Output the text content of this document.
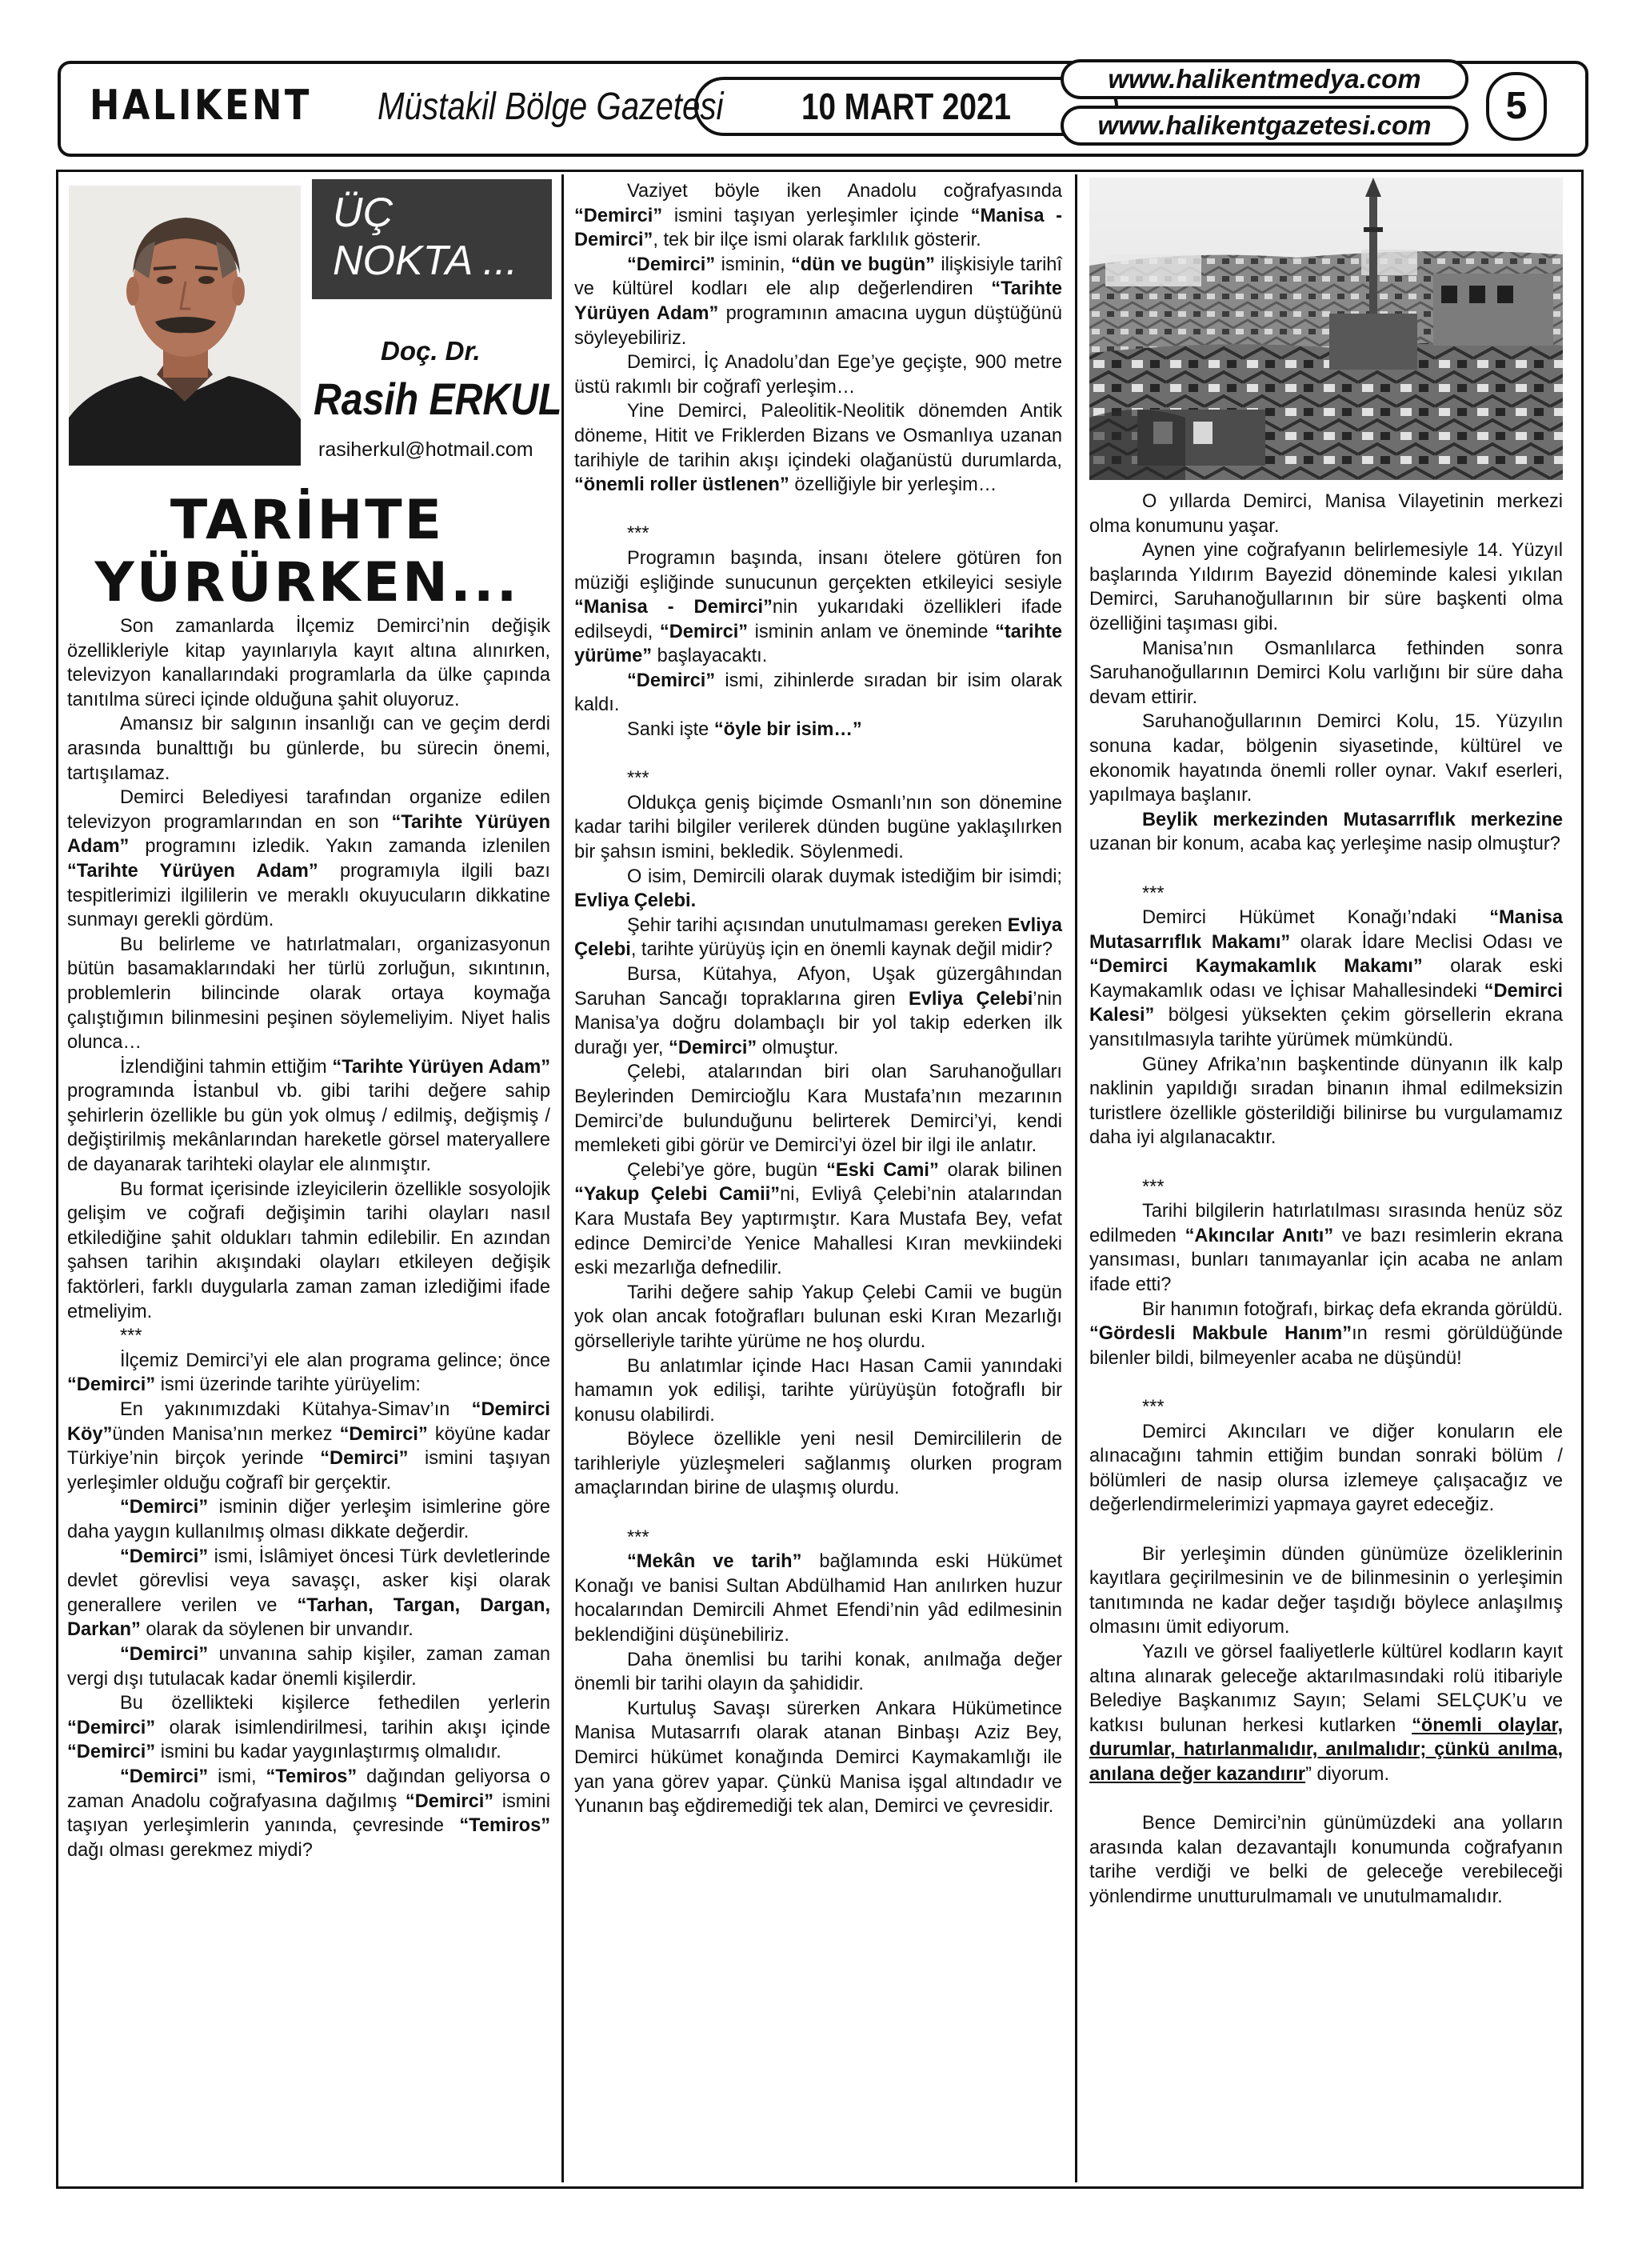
HALIKENT Müstakil Bölge Gazetesi	10 MART 2021
www.halikentmedya.com
www.halikentgazetesi.com	5
ÜÇ
NOKTA ...
Doç. Dr.
Rasih ERKUL
rasiherkul@hotmail.com
TARİHTE
YÜRÜRKEN...

Son zamanlarda İlçemiz Demirci’nin değişik özellikleriyle kitap yayınlarıyla kayıt altına alınırken, televizyon kanallarındaki programlarla da ülke çapında tanıtılma süreci içinde olduğuna şahit oluyoruz.

Amansız bir salgının insanlığı can ve geçim derdi arasında bunalttığı bu günlerde, bu sürecin önemi, tartışılamaz.

Demirci Belediyesi tarafından organize edilen televizyon programlarından en son “Tarihte Yürüyen Adam” programını izledik. Yakın zamanda izlenilen “Tarihte Yürüyen Adam” programıyla ilgili bazı tespitlerimizi ilgililerin ve meraklı okuyucuların dikkatine sunmayı gerekli gördüm.

Bu belirleme ve hatırlatmaları, organizasyonun bütün basamaklarındaki her türlü zorluğun, sıkıntının, problemlerin bilincinde olarak ortaya koymağa çalıştığımın bilinmesini peşinen söylemeliyim. Niyet halis olunca…

İzlendiğini tahmin ettiğim “Tarihte Yürüyen Adam” programında İstanbul vb. gibi tarihi değere sahip şehirlerin özellikle bu gün yok olmuş / edilmiş, değişmiş / değiştirilmiş mekânlarından hareketle görsel materyallere de dayanarak tarihteki olaylar ele alınmıştır.

Bu format içerisinde izleyicilerin özellikle sosyolojik gelişim ve coğrafi değişimin tarihi olayları nasıl etkilediğine şahit oldukları tahmin edilebilir. En azından şahsen tarihin akışındaki olayları etkileyen değişik faktörleri, farklı duygularla zaman zaman izlediğimi ifade etmeliyim.

***

İlçemiz Demirci’yi ele alan programa gelince; önce “Demirci” ismi üzerinde tarihte yürüyelim:

En yakınımızdaki Kütahya-Simav’ın “Demirci Köy”ünden Manisa’nın merkez “Demirci” köyüne kadar Türkiye’nin birçok yerinde “Demirci” ismini taşıyan yerleşimler olduğu coğrafî bir gerçektir.

“Demirci” isminin diğer yerleşim isimlerine göre daha yaygın kullanılmış olması dikkate değerdir.

“Demirci” ismi, İslâmiyet öncesi Türk devletlerinde devlet görevlisi veya savaşçı, asker kişi olarak generallere verilen ve “Tarhan, Targan, Dargan, Darkan” olarak da söylenen bir unvandır.

“Demirci” unvanına sahip kişiler, zaman zaman vergi dışı tutulacak kadar önemli kişilerdir.

Bu özellikteki kişilerce fethedilen yerlerin “Demirci” olarak isimlendirilmesi, tarihin akışı içinde “Demirci” ismini bu kadar yaygınlaştırmış olmalıdır.

“Demirci” ismi, “Temiros” dağından geliyorsa o zaman Anadolu coğrafyasına dağılmış “Demirci” ismini taşıyan yerleşimlerin yanında, çevresinde “Temiros” dağı olması gerekmez miydi?

Vaziyet böyle iken Anadolu coğrafyasında “Demirci” ismini taşıyan yerleşimler içinde “Manisa - Demirci”, tek bir ilçe ismi olarak farklılık gösterir.

“Demirci” isminin, “dün ve bugün” ilişkisiyle tarihî ve kültürel kodları ele alıp değerlendiren “Tarihte Yürüyen Adam” programının amacına uygun düştüğünü söyleyebiliriz.

Demirci, İç Anadolu’dan Ege’ye geçişte, 900 metre üstü rakımlı bir coğrafî yerleşim…

Yine Demirci, Paleolitik-Neolitik dönemden Antik döneme, Hitit ve Friklerden Bizans ve Osmanlıya uzanan tarihiyle de tarihin akışı içindeki olağanüstü durumlarda, “önemli roller üstlenen” özelliğiyle bir yerleşim…

***

Programın başında, insanı ötelere götüren fon müziği eşliğinde sunucunun gerçekten etkileyici sesiyle “Manisa - Demirci”nin yukarıdaki özellikleri ifade edilseydi, “Demirci” isminin anlam ve öneminde “tarihte yürüme” başlayacaktı.

“Demirci” ismi, zihinlerde sıradan bir isim olarak kaldı.

Sanki işte “öyle bir isim…”

***

Oldukça geniş biçimde Osmanlı’nın son dönemine kadar tarihi bilgiler verilerek dünden bugüne yaklaşılırken bir şahsın ismini, bekledik. Söylenmedi.

O isim, Demircili olarak duymak istediğim bir isimdi; Evliya Çelebi.

Şehir tarihi açısından unutulmaması gereken Evliya Çelebi, tarihte yürüyüş için en önemli kaynak değil midir?

Bursa, Kütahya, Afyon, Uşak güzergâhından Saruhan Sancağı topraklarına giren Evliya Çelebi’nin Manisa’ya doğru dolambaçlı bir yol takip ederken ilk durağı yer, “Demirci” olmuştur.

Çelebi, atalarından biri olan Saruhanoğulları Beylerinden Demircioğlu Kara Mustafa’nın mezarının Demirci’de bulunduğunu belirterek Demirci’yi, kendi memleketi gibi görür ve Demirci’yi özel bir ilgi ile anlatır.

Çelebi’ye göre, bugün “Eski Cami” olarak bilinen “Yakup Çelebi Camii”ni, Evliyâ Çelebi’nin atalarından Kara Mustafa Bey yaptırmıştır. Kara Mustafa Bey, vefat edince Demirci’de Yenice Mahallesi Kıran mevkiindeki eski mezarlığa defnedilir.

Tarihi değere sahip Yakup Çelebi Camii ve bugün yok olan ancak fotoğrafları bulunan eski Kıran Mezarlığı görselleriyle tarihte yürüme ne hoş olurdu.

Bu anlatımlar içinde Hacı Hasan Camii yanındaki hamamın yok edilişi, tarihte yürüyüşün fotoğraflı bir konusu olabilirdi.

Böylece özellikle yeni nesil Demircililerin de tarihleriyle yüzleşmeleri sağlanmış olurken program amaçlarından birine de ulaşmış olurdu.

***

“Mekân ve tarih” bağlamında eski Hükümet Konağı ve banisi Sultan Abdülhamid Han anılırken huzur hocalarından Demircili Ahmet Efendi’nin yâd edilmesinin beklendiğini düşünebiliriz.

Daha önemlisi bu tarihi konak, anılmağa değer önemli bir tarihi olayın da şahididir.

Kurtuluş Savaşı sürerken Ankara Hükümetince Manisa Mutasarrıfı olarak atanan Binbaşı Aziz Bey, Demirci hükümet konağında Demirci Kaymakamlığı ile yan yana görev yapar. Çünkü Manisa işgal altındadır ve Yunanın baş eğdiremediği tek alan, Demirci ve çevresidir.

O yıllarda Demirci, Manisa Vilayetinin merkezi olma konumunu yaşar.

Aynen yine coğrafyanın belirlemesiyle 14. Yüzyıl başlarında Yıldırım Bayezid döneminde kalesi yıkılan Demirci, Saruhanoğullarının bir süre başkenti olma özelliğini taşıması gibi.

Manisa’nın Osmanlılarca fethinden sonra Saruhanoğullarının Demirci Kolu varlığını bir süre daha devam ettirir.

Saruhanoğullarının Demirci Kolu, 15. Yüzyılın sonuna kadar, bölgenin siyasetinde, kültürel ve ekonomik hayatında önemli roller oynar. Vakıf eserleri, yapılmaya başlanır.

Beylik merkezinden Mutasarrıflık merkezine uzanan bir konum, acaba kaç yerleşime nasip olmuştur?

***

Demirci Hükümet Konağı’ndaki “Manisa Mutasarrıflık Makamı” olarak İdare Meclisi Odası ve “Demirci Kaymakamlık Makamı” olarak eski Kaymakamlık odası ve İçhisar Mahallesindeki “Demirci Kalesi” bölgesi yüksekten çekim görsellerin ekrana yansıtılmasıyla tarihte yürümek mümkündü.

Güney Afrika’nın başkentinde dünyanın ilk kalp naklinin yapıldığı sıradan binanın ihmal edilmeksizin turistlere özellikle gösterildiği bilinirse bu vurgulamamız daha iyi algılanacaktır.

***

Tarihi bilgilerin hatırlatılması sırasında henüz söz edilmeden “Akıncılar Anıtı” ve bazı resimlerin ekrana yansıması, bunları tanımayanlar için acaba ne anlam ifade etti?

Bir hanımın fotoğrafı, birkaç defa ekranda görüldü. “Gördesli Makbule Hanım”ın resmi görüldüğünde bilenler bildi, bilmeyenler acaba ne düşündü!

***

Demirci Akıncıları ve diğer konuların ele alınacağını tahmin ettiğim bundan sonraki bölüm / bölümleri de nasip olursa izlemeye çalışacağız ve değerlendirmelerimizi yapmaya gayret edeceğiz.

Bir yerleşimin dünden günümüze özeliklerinin kayıtlara geçirilmesinin ve de bilinmesinin o yerleşimin tanıtımında ne kadar değer taşıdığı böylece anlaşılmış olmasını ümit ediyorum.

Yazılı ve görsel faaliyetlerle kültürel kodların kayıt altına alınarak geleceğe aktarılmasındaki rolü itibariyle Belediye Başkanımız Sayın; Selami SELÇUK’u ve katkısı bulunan herkesi kutlarken “önemli olaylar, durumlar, hatırlanmalıdır, anılmalıdır; çünkü anılma, anılana değer kazandırır” diyorum.

Bence Demirci’nin günümüzdeki ana yolların arasında kalan dezavantajlı konumunda coğrafyanın tarihe verdiği ve belki de geleceğe verebileceği yönlendirme unutturulmamalı ve unutulmamalıdır.
